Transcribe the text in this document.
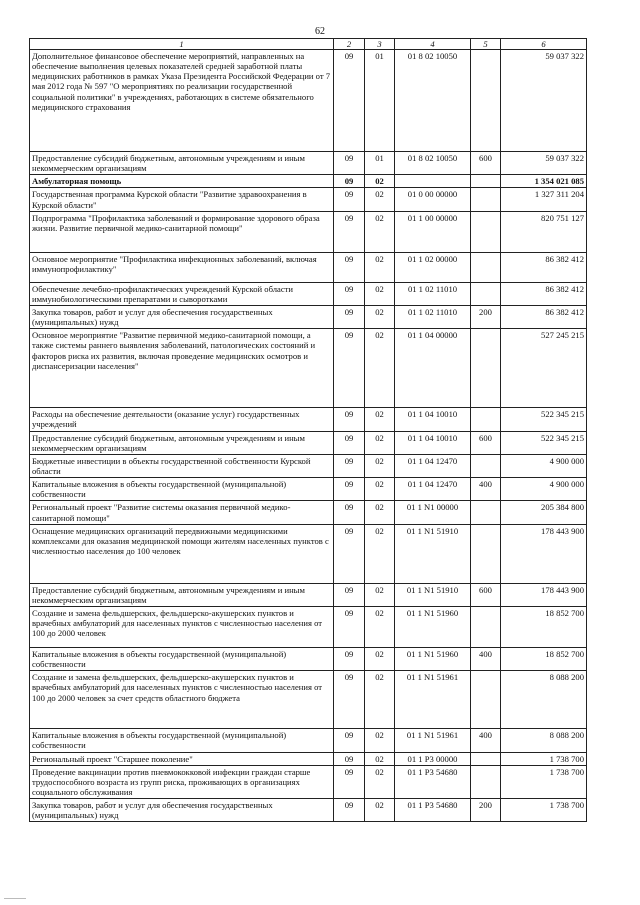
62
1	2	3	4	5	6
Дополнительное финансовое обеспечение мероприятий, направленных на обеспечение выполнения целевых показателей средней заработной платы медицинских работников в рамках Указа Президента Российской Федерации от 7 мая 2012 года № 597 "О мероприятиях по реализации государственной социальной политики" в учреждениях, работающих в системе обязательного медицинского страхования	09	01	01 8 02 10050		59 037 322
Предоставление субсидий бюджетным, автономным учреждениям и иным некоммерческим организациям	09	01	01 8 02 10050	600	59 037 322
Амбулаторная помощь	09	02			1 354 021 085
Государственная программа Курской области "Развитие здравоохранения в Курской области"	09	02	01 0 00 00000		1 327 311 204
Подпрограмма "Профилактика заболеваний и формирование здорового образа жизни. Развитие первичной медико-санитарной помощи"	09	02	01 1 00 00000		820 751 127
Основное мероприятие "Профилактика инфекционных заболеваний, включая иммунопрофилактику"	09	02	01 1 02 00000		86 382 412
Обеспечение лечебно-профилактических учреждений Курской области иммунобиологическими препаратами и сыворотками	09	02	01 1 02 11010		86 382 412
Закупка товаров, работ и услуг для обеспечения государственных (муниципальных) нужд	09	02	01 1 02 11010	200	86 382 412
Основное мероприятие "Развитие первичной медико-санитарной помощи, а также системы раннего выявления заболеваний, патологических состояний и факторов риска их развития, включая проведение медицинских осмотров и диспансеризации населения"	09	02	01 1 04 00000		527 245 215
Расходы на обеспечение деятельности (оказание услуг) государственных учреждений	09	02	01 1 04 10010		522 345 215
Предоставление субсидий бюджетным, автономным учреждениям и иным некоммерческим организациям	09	02	01 1 04 10010	600	522 345 215
Бюджетные инвестиции в объекты государственной собственности Курской области	09	02	01 1 04 12470		4 900 000
Капитальные вложения в объекты государственной (муниципальной) собственности	09	02	01 1 04 12470	400	4 900 000
Региональный проект "Развитие системы оказания первичной медико-санитарной помощи"	09	02	01 1 N1 00000		205 384 800
Оснащение медицинских организаций передвижными медицинскими комплексами для оказания медицинской помощи жителям населенных пунктов с численностью населения до 100 человек	09	02	01 1 N1 51910		178 443 900
Предоставление субсидий бюджетным, автономным учреждениям и иным некоммерческим организациям	09	02	01 1 N1 51910	600	178 443 900
Создание и замена фельдшерских, фельдшерско-акушерских пунктов и врачебных амбулаторий для населенных пунктов с численностью населения от 100 до 2000 человек	09	02	01 1 N1 51960		18 852 700
Капитальные вложения в объекты государственной (муниципальной) собственности	09	02	01 1 N1 51960	400	18 852 700
Создание и замена фельдшерских, фельдшерско-акушерских пунктов и врачебных амбулаторий для населенных пунктов с численностью населения от 100 до 2000 человек за счет средств областного бюджета	09	02	01 1 N1 51961		8 088 200
Капитальные вложения в объекты государственной (муниципальной) собственности	09	02	01 1 N1 51961	400	8 088 200
Региональный проект "Старшее поколение"	09	02	01 1 P3 00000		1 738 700
Проведение вакцинации против пневмококковой инфекции граждан старше трудоспособного возраста из групп риска, проживающих в организациях социального обслуживания	09	02	01 1 P3 54680		1 738 700
Закупка товаров, работ и услуг для обеспечения государственных (муниципальных) нужд	09	02	01 1 P3 54680	200	1 738 700
